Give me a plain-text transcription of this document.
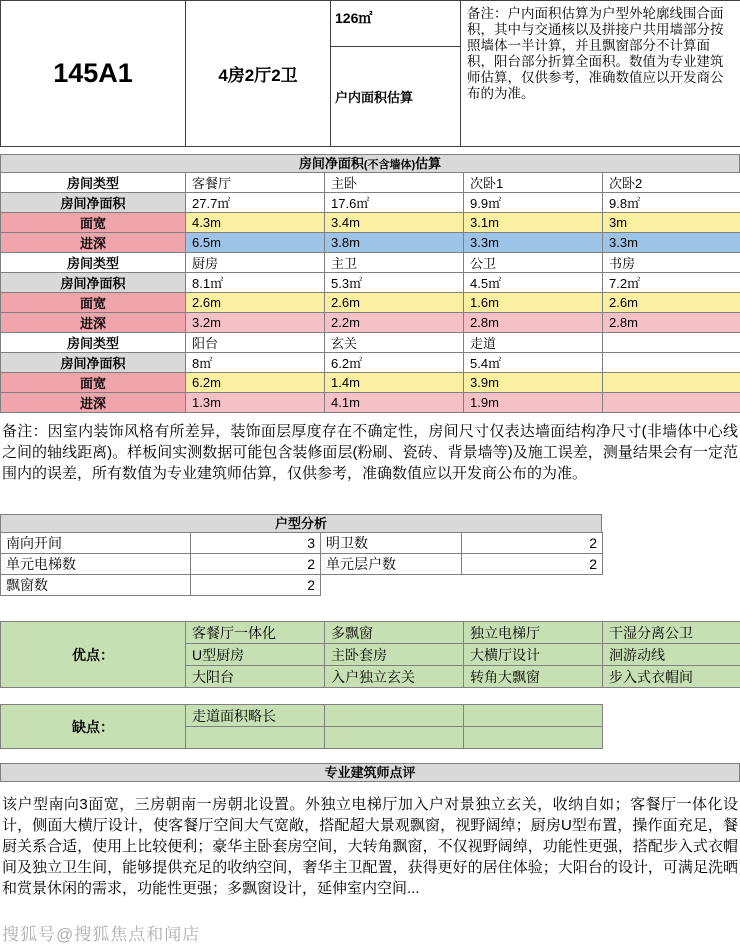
145A1	4房2厅2卫	126㎡	备注：户内面积估算为户型外轮廓线围合面积，其中与交通核以及拼接户共用墙部分按照墙体一半计算，并且飘窗部分不计算面积，阳台部分折算全面积。数值为专业建筑师估算，仅供参考，准确数值应以开发商公布的为准。
户内面积估算
房间净面积(不含墙体)估算
房间类型	客餐厅	主卧	次卧1	次卧2
房间净面积	27.7㎡	17.6㎡	9.9㎡	9.8㎡
面宽	4.3m	3.4m	3.1m	3m
进深	6.5m	3.8m	3.3m	3.3m
房间类型	厨房	主卫	公卫	书房
房间净面积	8.1㎡	5.3㎡	4.5㎡	7.2㎡
面宽	2.6m	2.6m	1.6m	2.6m
进深	3.2m	2.2m	2.8m	2.8m
房间类型	阳台	玄关	走道	
房间净面积	8㎡	6.2㎡	5.4㎡	
面宽	6.2m	1.4m	3.9m	
进深	1.3m	4.1m	1.9m	

备注：因室内装饰风格有所差异，装饰面层厚度存在不确定性，房间尺寸仅表达墙面结构净尺寸(非墙体中心线之间的轴线距离)。样板间实测数据可能包含装修面层(粉刷、瓷砖、背景墙等)及施工误差，测量结果会有一定范围内的误差，所有数值为专业建筑师估算，仅供参考，准确数值应以开发商公布的为准。

户型分析
南向开间	3	明卫数	2
单元电梯数	2	单元层户数	2
飘窗数	2		
优点：	客餐厅一体化	多飘窗	独立电梯厅	干湿分离公卫
	U型厨房	主卧套房	大横厅设计	洄游动线
	大阳台	入户独立玄关	转角大飘窗	步入式衣帽间
缺点：	走道面积略长		

专业建筑师点评

该户型南向3面宽，三房朝南一房朝北设置。外独立电梯厅加入户对景独立玄关，收纳自如；客餐厅一体化设计，侧面大横厅设计，使客餐厅空间大气宽敞，搭配超大景观飘窗，视野阔绰；厨房U型布置，操作面充足，餐厨关系合适，使用上比较便利；豪华主卧套房空间，大转角飘窗，不仅视野阔绰，功能性更强，搭配步入式衣帽间及独立卫生间，能够提供充足的收纳空间，奢华主卫配置，获得更好的居住体验；大阳台的设计，可满足洗晒和赏景休闲的需求，功能性更强；多飘窗设计，延伸室内空间...

搜狐号@搜狐焦点和闻店
